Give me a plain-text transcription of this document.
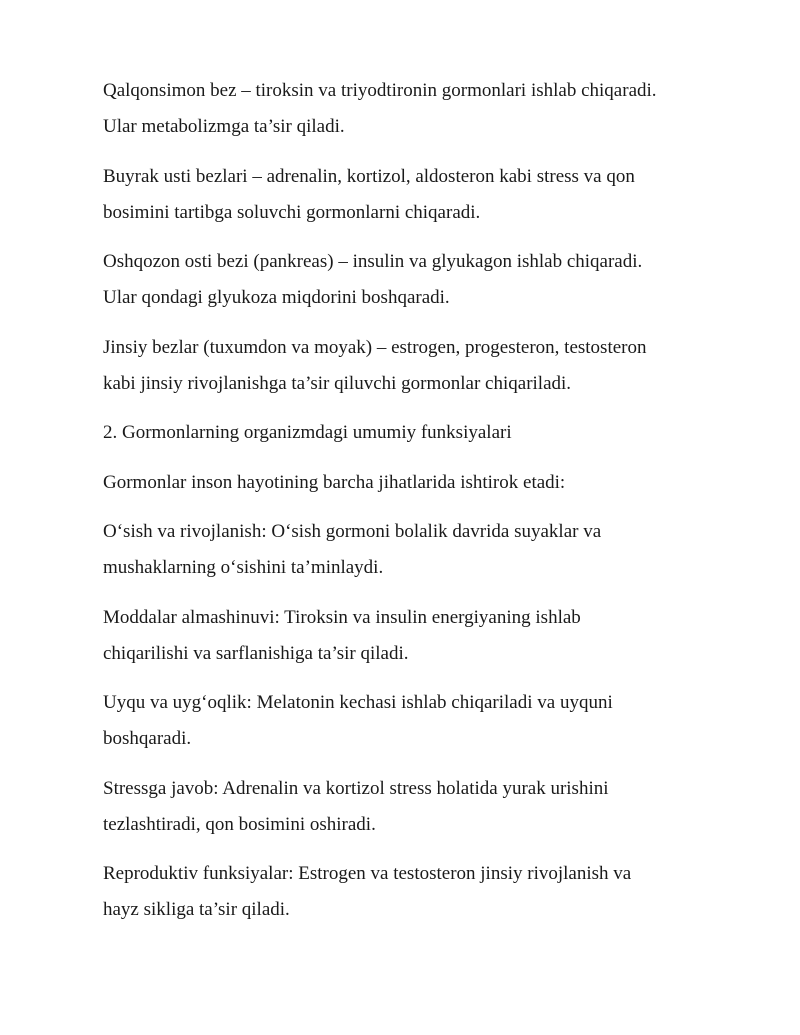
Qalqonsimon bez – tiroksin va triyodtironin gormonlari ishlab chiqaradi.
Ular metabolizmga ta’sir qiladi.

Buyrak usti bezlari – adrenalin, kortizol, aldosteron kabi stress va qon
bosimini tartibga soluvchi gormonlarni chiqaradi.

Oshqozon osti bezi (pankreas) – insulin va glyukagon ishlab chiqaradi.
Ular qondagi glyukoza miqdorini boshqaradi.

Jinsiy bezlar (tuxumdon va moyak) – estrogen, progesteron, testosteron
kabi jinsiy rivojlanishga ta’sir qiluvchi gormonlar chiqariladi.

2. Gormonlarning organizmdagi umumiy funksiyalari

Gormonlar inson hayotining barcha jihatlarida ishtirok etadi:

O‘sish va rivojlanish: O‘sish gormoni bolalik davrida suyaklar va
mushaklarning o‘sishini ta’minlaydi.

Moddalar almashinuvi: Tiroksin va insulin energiyaning ishlab
chiqarilishi va sarflanishiga ta’sir qiladi.

Uyqu va uyg‘oqlik: Melatonin kechasi ishlab chiqariladi va uyquni
boshqaradi.

Stressga javob: Adrenalin va kortizol stress holatida yurak urishini
tezlashtiradi, qon bosimini oshiradi.

Reproduktiv funksiyalar: Estrogen va testosteron jinsiy rivojlanish va
hayz sikliga ta’sir qiladi.
